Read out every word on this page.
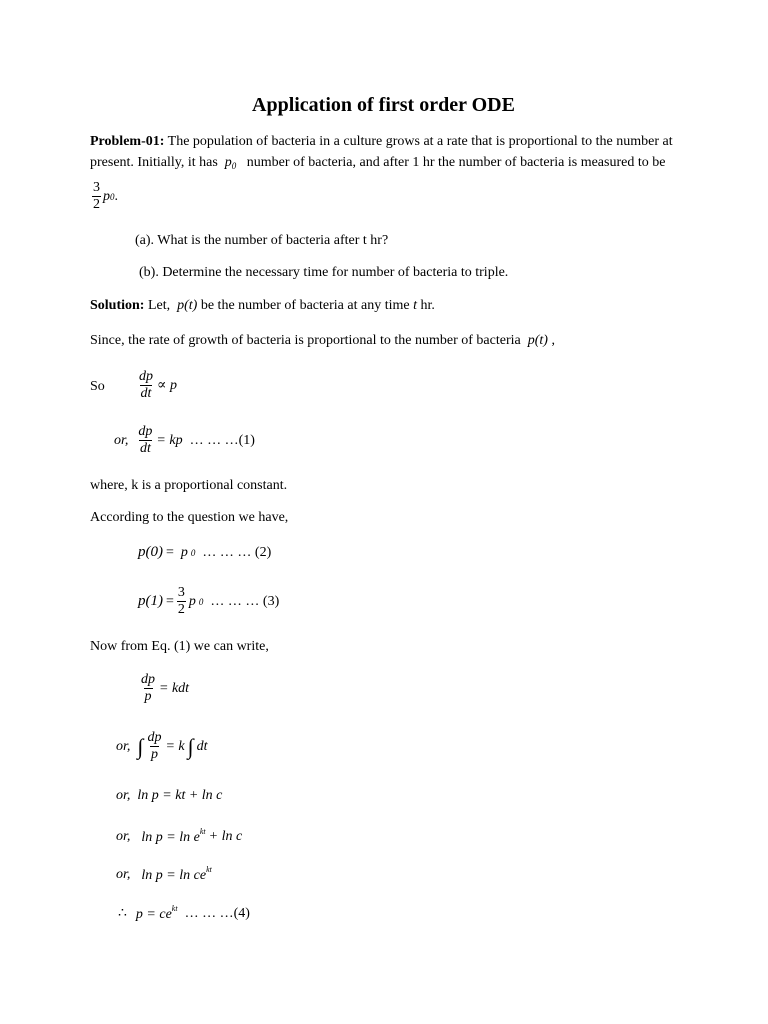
Application of first order ODE
Problem-01: The population of bacteria in a culture grows at a rate that is proportional to the number at
present. Initially, it has $p_0$ number of bacteria, and after 1 hr the number of bacteria is measured to be
$\frac{3}{2}$ p 0 .
(a). What is the number of bacteria after t hr?
(b). Determine the necessary time for number of bacteria to triple.
Solution: Let, p(t) be the number of bacteria at any time t hr.
Since, the rate of growth of bacteria is proportional to the number of bacteria p(t) ,
So $\frac{dp}{dt} \propto p$
or, $\frac{dp}{dt}$ = kp … … …(1)
where, k is a proportional constant.
According to the question we have,
p(0) = p 0 … … … (2)
$p(1) = \frac{3}{2}$ p 0 … … … (3)
Now from Eq. (1) we can write,
$\frac{dp}{p}$ = kdt
or, ∫ $\frac{dp}{p} = k$ ∫ dt
or, ln p = kt + ln c
or, $\ln p = \ln e^{kt} + \ln c$
or, $\ln p = \ln ce^{kt}$
∴ $p = ce^{kt}$ … … …(4)
